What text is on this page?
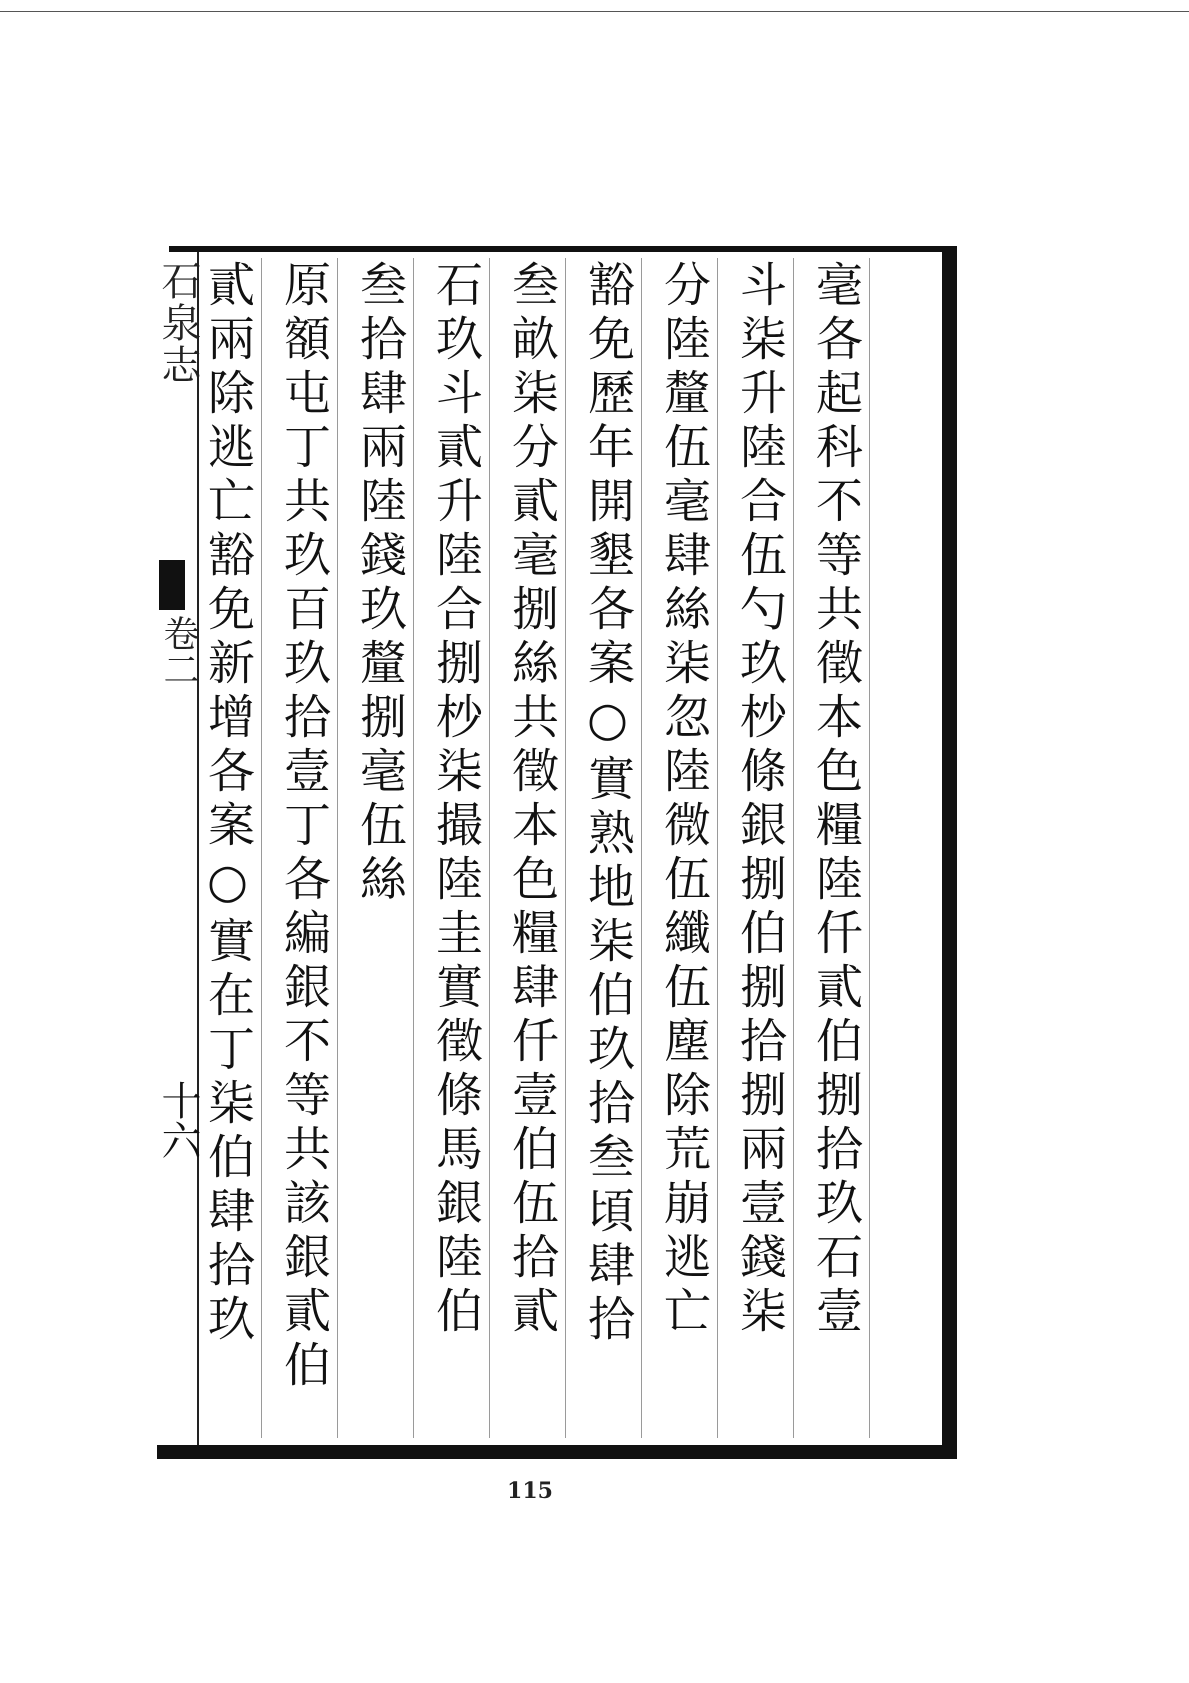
石泉志
卷二
十六	毫各起科不等共徵本色糧陸仟貳伯捌拾玖石壹
斗柒升陸合伍勺玖杪條銀捌伯捌拾捌兩壹錢柒
分陸釐伍毫肆絲柒忽陸微伍纖伍塵除荒崩逃亡
豁免歷年開墾各案○實熟地柒伯玖拾叁頃肆拾
叁畝柒分貳毫捌絲共徵本色糧肆仟壹伯伍拾貳
石玖斗貳升陸合捌杪柒撮陸圭實徵條馬銀陸伯
叁拾肆兩陸錢玖釐捌毫伍絲
原額屯丁共玖百玖拾壹丁各編銀不等共該銀貳伯
貳兩除逃亡豁免新增各案○實在丁柒伯肆拾玖
115
